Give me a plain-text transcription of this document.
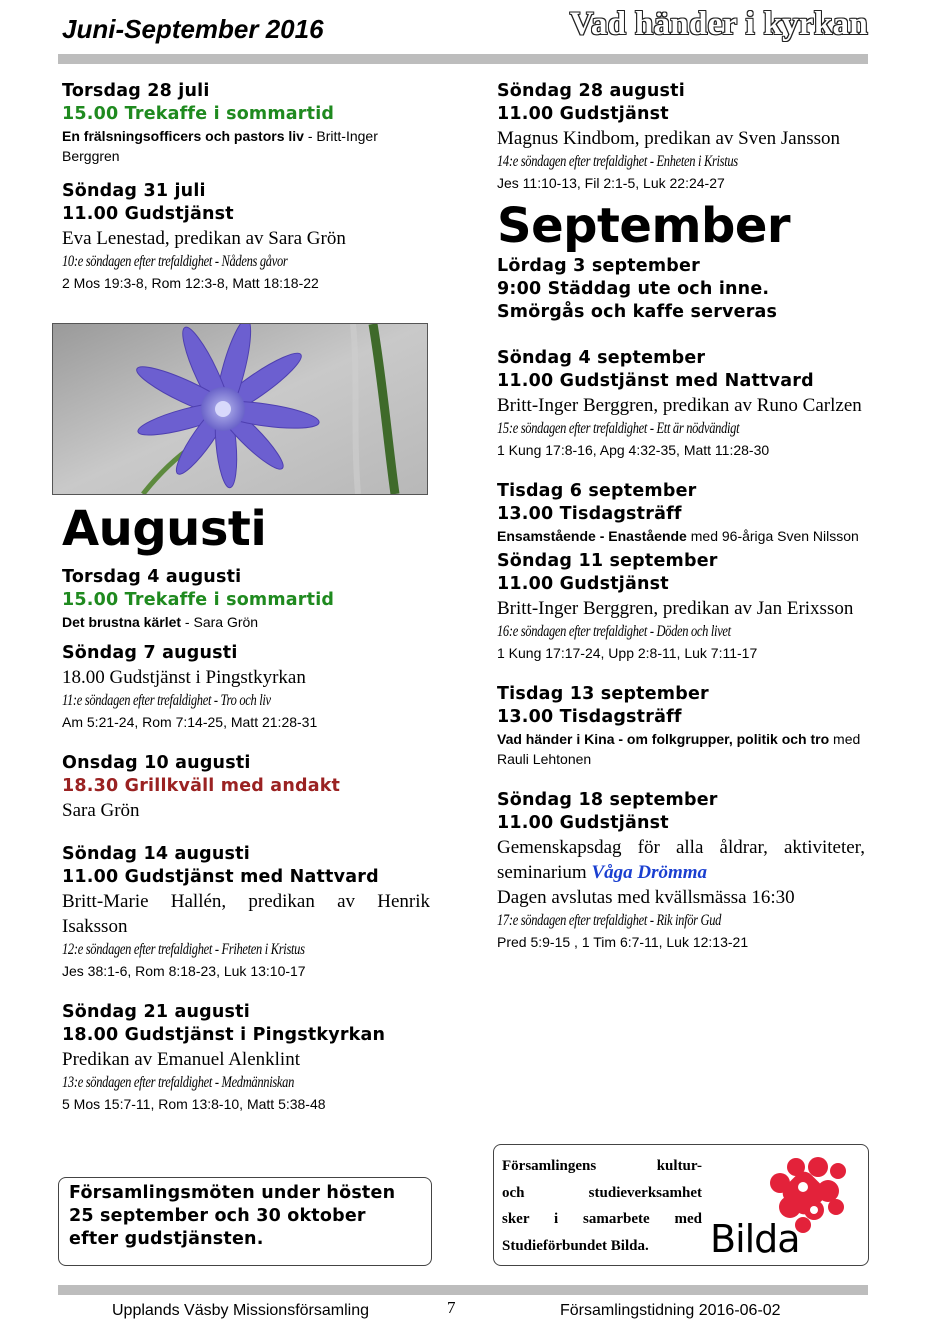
Juni-September 2016	Vad händer i kyrkan
Torsdag 28 juli
15.00 Trekaffe i sommartid
En frälsningsofficers och pastors liv - Britt-Inger Berggren
Söndag 31 juli
11.00 Gudstjänst
Eva Lenestad, predikan av Sara Grön
10:e söndagen efter trefaldighet - Nådens gåvor
2 Mos 19:3-8, Rom 12:3-8, Matt 18:18-22
Augusti
Torsdag 4 augusti
15.00 Trekaffe i sommartid
Det brustna kärlet - Sara Grön
Söndag 7 augusti
18.00 Gudstjänst i Pingstkyrkan
11:e söndagen efter trefaldighet - Tro och liv
Am 5:21-24, Rom 7:14-25, Matt 21:28-31
Onsdag 10 augusti
18.30 Grillkväll med andakt
Sara Grön
Söndag 14 augusti
11.00 Gudstjänst med Nattvard
Britt-Marie Hallén, predikan av Henrik Isaksson
12:e söndagen efter trefaldighet - Friheten i Kristus
Jes 38:1-6, Rom 8:18-23, Luk 13:10-17
Söndag 21 augusti
18.00 Gudstjänst i Pingstkyrkan
Predikan av Emanuel Alenklint
13:e söndagen efter trefaldighet - Medmänniskan
5 Mos 15:7-11, Rom 13:8-10, Matt 5:38-48
Församlingsmöten under hösten
25 september och 30 oktober
efter gudstjänsten.
Söndag 28 augusti
11.00 Gudstjänst
Magnus Kindbom, predikan av Sven Jansson
14:e söndagen efter trefaldighet - Enheten i Kristus
Jes 11:10-13, Fil 2:1-5, Luk 22:24-27
September
Lördag 3 september
9:00 Städdag ute och inne.
Smörgås och kaffe serveras
Söndag 4 september
11.00 Gudstjänst med Nattvard
Britt-Inger Berggren, predikan av Runo Carlzen
15:e söndagen efter trefaldighet - Ett är nödvändigt
1 Kung 17:8-16, Apg 4:32-35, Matt 11:28-30
Tisdag 6 september
13.00 Tisdagsträff
Ensamstående - Enastående med 96-åriga Sven Nilsson
Söndag 11 september
11.00 Gudstjänst
Britt-Inger Berggren, predikan av Jan Erixsson
16:e söndagen efter trefaldighet - Döden och livet
1 Kung 17:17-24, Upp 2:8-11, Luk 7:11-17
Tisdag 13 september
13.00 Tisdagsträff
Vad händer i Kina - om folkgrupper, politik och tro med Rauli Lehtonen
Söndag 18 september
11.00 Gudstjänst
Gemenskapsdag för alla åldrar, aktiviteter, seminarium Våga Drömma
Dagen avslutas med kvällsmässa 16:30
17:e söndagen efter trefaldighet - Rik inför Gud
Pred 5:9-15 , 1 Tim 6:7-11, Luk 12:13-21
Församlingens kultur-
och studieverksamhet
sker i samarbete med
Studieförbundet Bilda.	Bilda
Upplands Väsby Missionsförsamling	7	Församlingstidning 2016-06-02
